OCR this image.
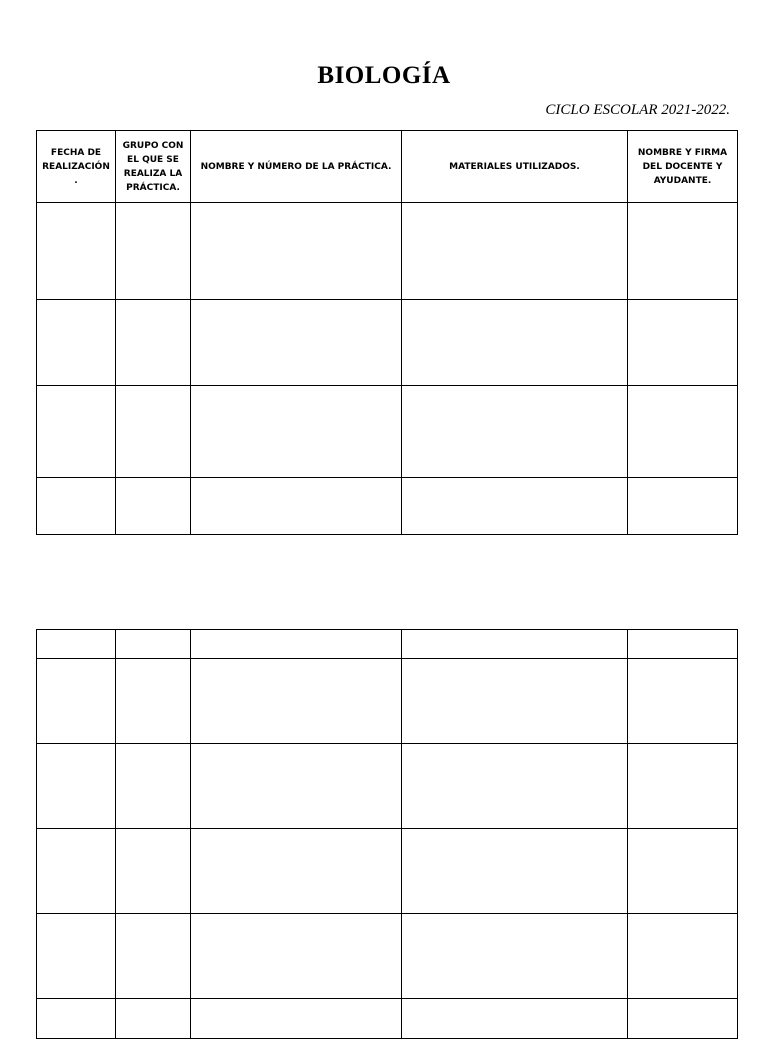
BIOLOGÍA
CICLO ESCOLAR 2021-2022.
FECHA DE REALIZACIÓN .	GRUPO CON EL QUE SE REALIZA LA PRÁCTICA.	NOMBRE Y NÚMERO DE LA PRÁCTICA.	MATERIALES UTILIZADOS.	NOMBRE Y FIRMA DEL DOCENTE Y AYUDANTE.
